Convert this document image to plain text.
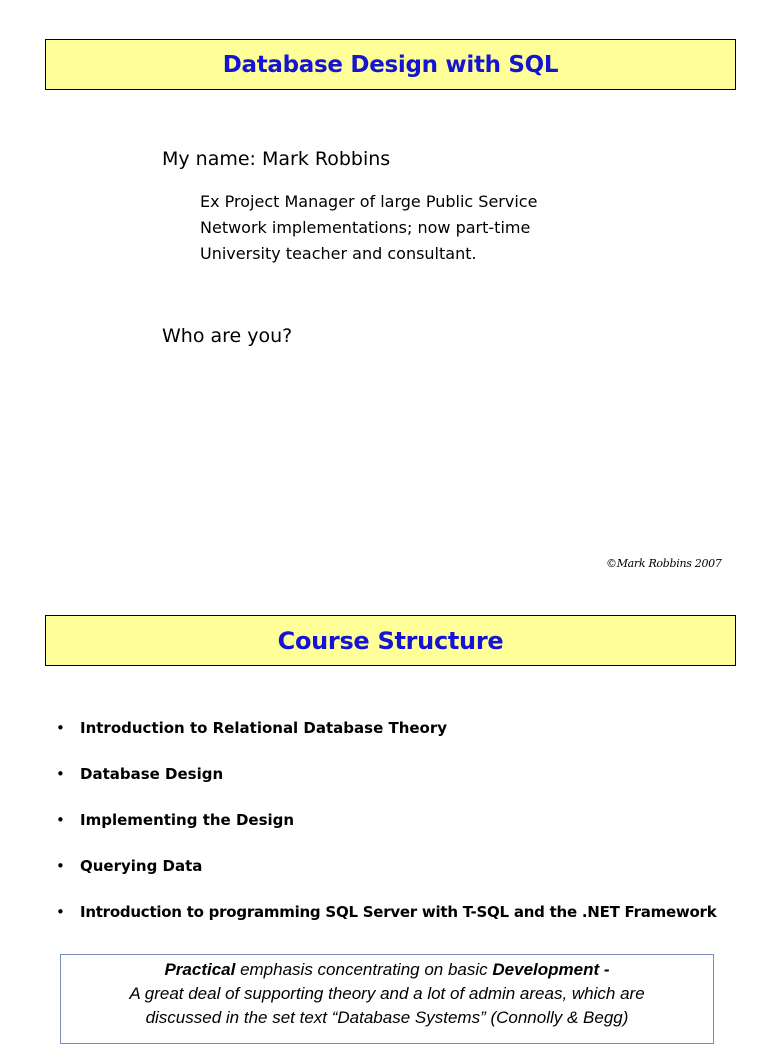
Database Design with SQL
My name: Mark Robbins
Ex Project Manager of large Public Service
Network implementations; now part-time
University teacher and consultant.
Who are you?
©Mark Robbins 2007
Course Structure
•	Introduction to Relational Database Theory
•	Database Design
•	Implementing the Design
•	Querying Data
•	Introduction to programming SQL Server with T-SQL and the .NET Framework
Practical emphasis concentrating on basic Development -
A great deal of supporting theory and a lot of admin areas, which are
discussed in the set text “Database Systems” (Connolly & Begg)
